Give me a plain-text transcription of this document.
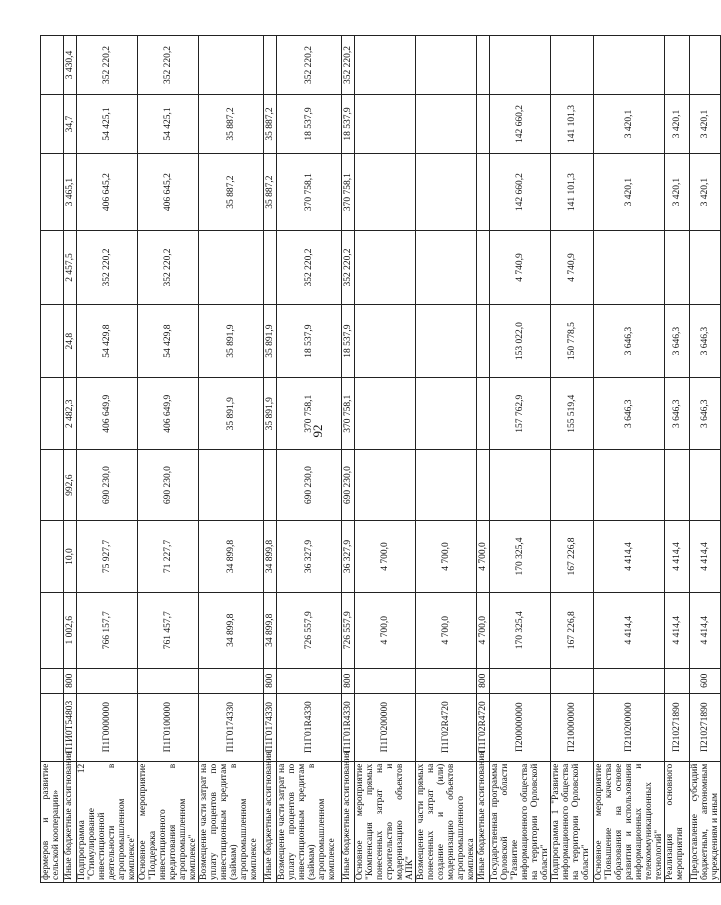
92
фермеров и развитие сельской кооперации»											
Иные бюджетные ассигнования	П1И0Т54803	800	1 002,6	10,0	992,6	2 482,3	24,8	2 457,5	3 465,1	34,7	3 430,4
Подпрограмма 12 "Стимулирование инвестиционной деятельности в агропромышленном комплексе"	П1Г0000000		766 157,7	75 927,7	690 230,0	406 649,9	54 429,8	352 220,2	406 645,2	54 425,1	352 220,2
Основное мероприятие "Поддержка инвестиционного кредитования в агропромышленном комплексе"	П1Г0100000		761 457,7	71 227,7	690 230,0	406 649,9	54 429,8	352 220,2	406 645,2	54 425,1	352 220,2
Возмещение части затрат на уплату процентов по инвестиционным кредитам (займам) в агропромышленном комплексе	П1Г0174330		34 899,8	34 899,8		35 891,9	35 891,9		35 887,2	35 887,2	
Иные бюджетные ассигнования	П1Г0174330	800	34 899,8	34 899,8		35 891,9	35 891,9		35 887,2	35 887,2	
Возмещение части затрат на уплату процентов по инвестиционным кредитам (займам) в агропромышленном комплексе	П1Г01R4330		726 557,9	36 327,9	690 230,0	370 758,1	18 537,9	352 220,2	370 758,1	18 537,9	352 220,2
Иные бюджетные ассигнования	П1Г01R4330	800	726 557,9	36 327,9	690 230,0	370 758,1	18 537,9	352 220,2	370 758,1	18 537,9	352 220,2
Основное мероприятие "Компенсация прямых понесенных затрат на строительство и модернизацию объектов АПК"	П1Г0200000		4 700,0	4 700,0							
Возмещение части прямых понесенных затрат на создание и (или) модернизацию объектов агропромышленного комплекса	П1Г02R4720		4 700,0	4 700,0							
Иные бюджетные ассигнования	П1Г02R4720	800	4 700,0	4 700,0							
Государственная программа Орловской области "Развитие информационного общества на территории Орловской области"	П200000000		170 325,4	170 325,4		157 762,9	153 022,0	4 740,9	142 660,2	142 660,2	
Подпрограмма 1 "Развитие информационного общества на территории Орловской области"	П210000000		167 226,8	167 226,8		155 519,4	150 778,5	4 740,9	141 101,3	141 101,3	
Основное мероприятие "Повышение качества образования на основе развития и использования информационных и телекоммуникационных технологий"	П210200000		4 414,4	4 414,4		3 646,3	3 646,3		3 420,1	3 420,1	
Реализация основного мероприятия	П210271890		4 414,4	4 414,4		3 646,3	3 646,3		3 420,1	3 420,1	
Предоставление субсидий бюджетным, автономным учреждениям и иным	П210271890	600	4 414,4	4 414,4		3 646,3	3 646,3		3 420,1	3 420,1	
